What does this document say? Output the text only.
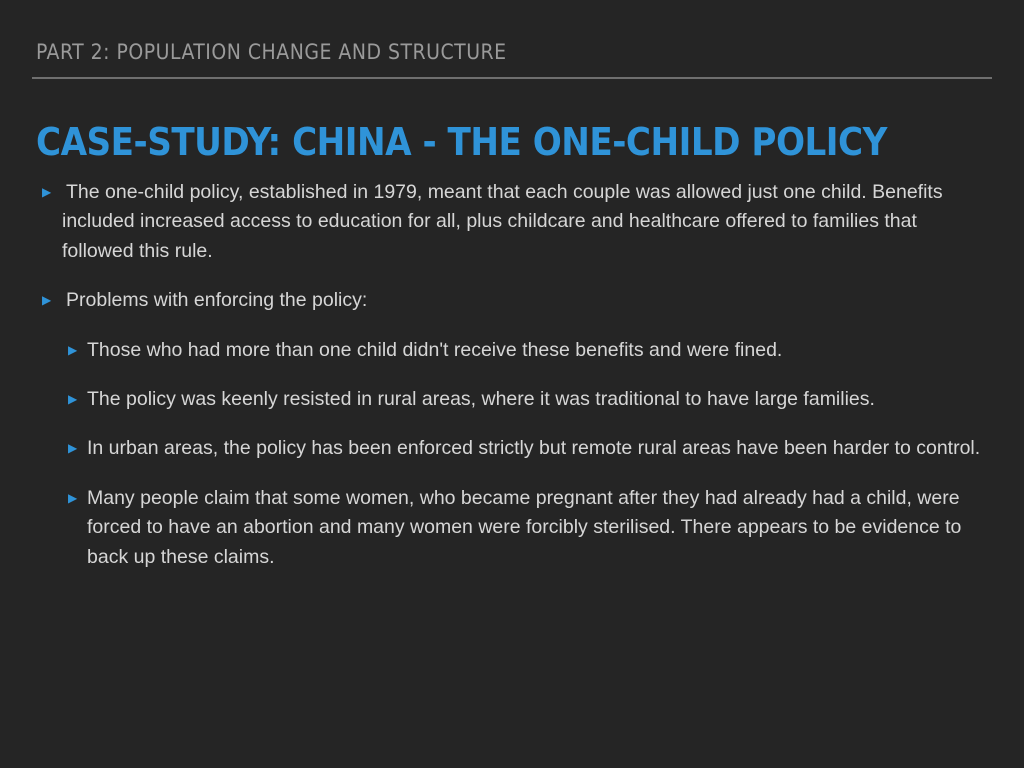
PART 2: POPULATION CHANGE AND STRUCTURE
CASE-STUDY: CHINA - THE ONE-CHILD POLICY

▶ The one-child policy, established in 1979, meant that each couple was allowed just one child. Benefits included increased access to education for all, plus childcare and healthcare offered to families that followed this rule.

▶ Problems with enforcing the policy:

▶ Those who had more than one child didn't receive these benefits and were fined.

▶ The policy was keenly resisted in rural areas, where it was traditional to have large families.

▶ In urban areas, the policy has been enforced strictly but remote rural areas have been harder to control.

▶ Many people claim that some women, who became pregnant after they had already had a child, were forced to have an abortion and many women were forcibly sterilised. There appears to be evidence to back up these claims.
